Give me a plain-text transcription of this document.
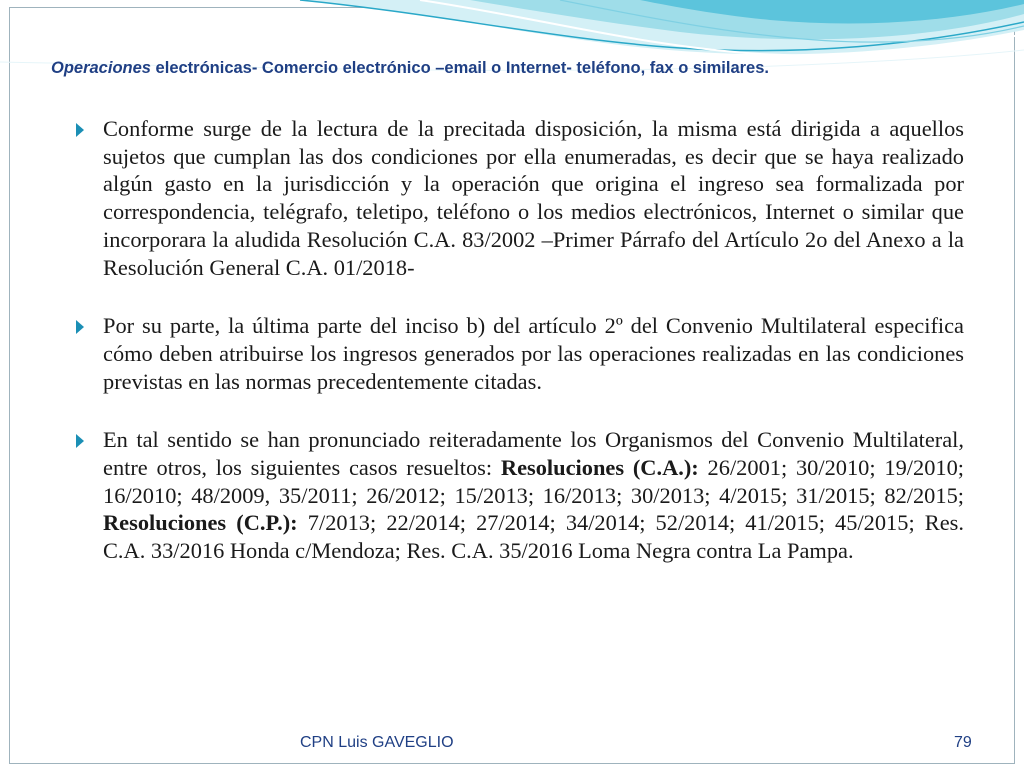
Operaciones electrónicas- Comercio electrónico –email o Internet- teléfono, fax o similares.
Conforme surge de la lectura de la precitada disposición, la misma está dirigida a aquellos sujetos que cumplan las dos condiciones por ella enumeradas, es decir que se haya realizado algún gasto en la jurisdicción y la operación que origina el ingreso sea formalizada por correspondencia, telégrafo, teletipo, teléfono o los medios electrónicos, Internet o similar que incorporara la aludida Resolución C.A. 83/2002 –Primer Párrafo del Artículo 2o del Anexo a la Resolución General C.A. 01/2018-
Por su parte, la última parte del inciso b) del artículo 2º del Convenio Multilateral especifica cómo deben atribuirse los ingresos generados por las operaciones realizadas en las condiciones previstas en las normas precedentemente citadas.
En tal sentido se han pronunciado reiteradamente los Organismos del Convenio Multilateral, entre otros, los siguientes casos resueltos: Resoluciones (C.A.): 26/2001; 30/2010; 19/2010; 16/2010; 48/2009, 35/2011; 26/2012; 15/2013; 16/2013; 30/2013; 4/2015; 31/2015; 82/2015; Resoluciones (C.P.): 7/2013; 22/2014; 27/2014; 34/2014; 52/2014; 41/2015; 45/2015; Res. C.A. 33/2016 Honda c/Mendoza; Res. C.A. 35/2016 Loma Negra contra La Pampa.
CPN Luis GAVEGLIO	79
